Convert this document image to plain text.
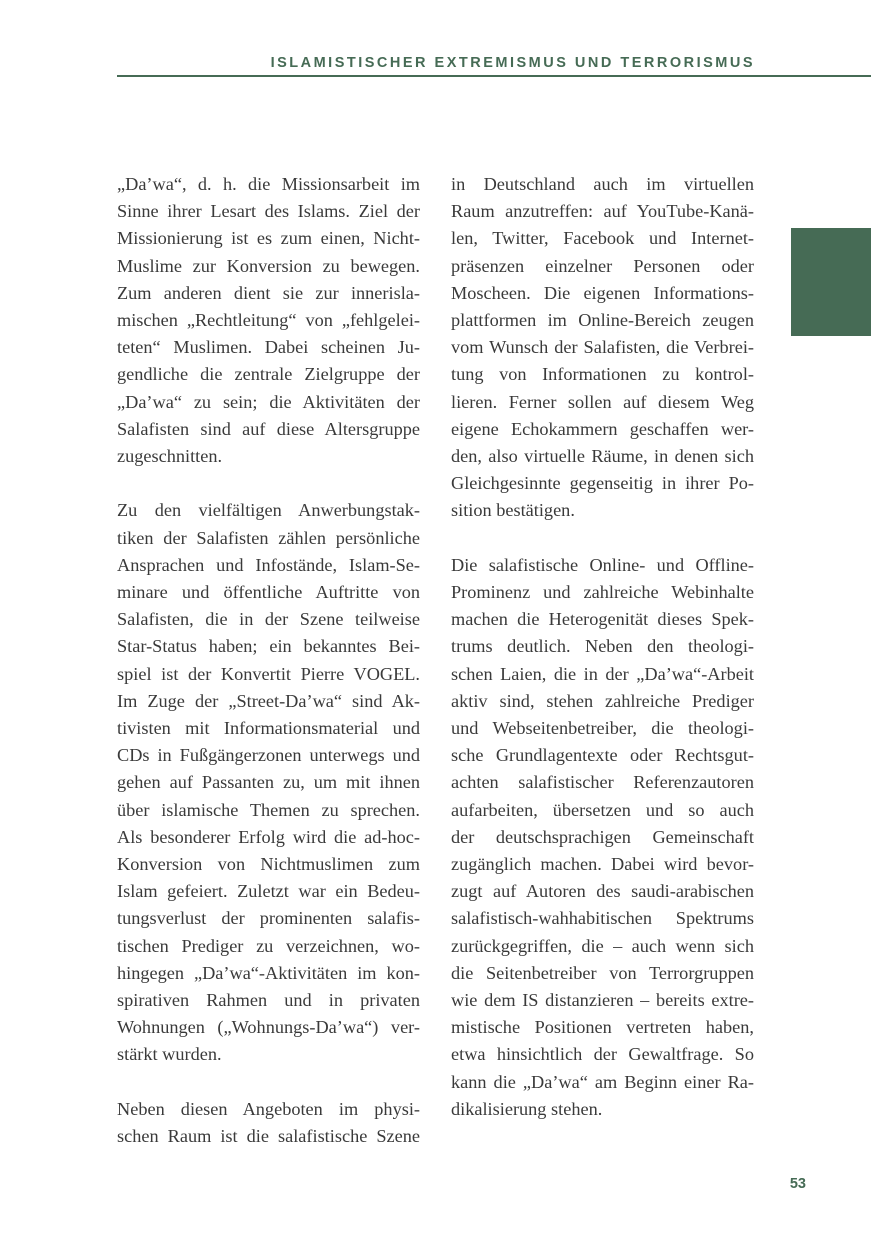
ISLAMISTISCHER EXTREMISMUS UND TERRORISMUS
„Da’wa“, d. h. die Missionsarbeit im
Sinne ihrer Lesart des Islams. Ziel der
Missionierung ist es zum einen, Nicht-
Muslime zur Konversion zu bewegen.
Zum anderen dient sie zur innerisla-
mischen „Rechtleitung“ von „fehlgelei-
teten“ Muslimen. Dabei scheinen Ju-
gendliche die zentrale Zielgruppe der
„Da’wa“ zu sein; die Aktivitäten der
Salafisten sind auf diese Altersgruppe
zugeschnitten.
Zu den vielfältigen Anwerbungstak-
tiken der Salafisten zählen persönliche
Ansprachen und Infostände, Islam-Se-
minare und öffentliche Auftritte von
Salafisten, die in der Szene teilweise
Star-Status haben; ein bekanntes Bei-
spiel ist der Konvertit Pierre VOGEL.
Im Zuge der „Street-Da’wa“ sind Ak-
tivisten mit Informationsmaterial und
CDs in Fußgängerzonen unterwegs und
gehen auf Passanten zu, um mit ihnen
über islamische Themen zu sprechen.
Als besonderer Erfolg wird die ad-hoc-
Konversion von Nichtmuslimen zum
Islam gefeiert. Zuletzt war ein Bedeu-
tungsverlust der prominenten salafis-
tischen Prediger zu verzeichnen, wo-
hingegen „Da’wa“-Aktivitäten im kon-
spirativen Rahmen und in privaten
Wohnungen („Wohnungs-Da’wa“) ver-
stärkt wurden.
Neben diesen Angeboten im physi-
schen Raum ist die salafistische Szene
in Deutschland auch im virtuellen
Raum anzutreffen: auf YouTube-Kanä-
len, Twitter, Facebook und Internet-
präsenzen einzelner Personen oder
Moscheen. Die eigenen Informations-
plattformen im Online-Bereich zeugen
vom Wunsch der Salafisten, die Verbrei-
tung von Informationen zu kontrol-
lieren. Ferner sollen auf diesem Weg
eigene Echokammern geschaffen wer-
den, also virtuelle Räume, in denen sich
Gleichgesinnte gegenseitig in ihrer Po-
sition bestätigen.
Die salafistische Online- und Offline-
Prominenz und zahlreiche Webinhalte
machen die Heterogenität dieses Spek-
trums deutlich. Neben den theologi-
schen Laien, die in der „Da’wa“-Arbeit
aktiv sind, stehen zahlreiche Prediger
und Webseitenbetreiber, die theologi-
sche Grundlagentexte oder Rechtsgut-
achten salafistischer Referenzautoren
aufarbeiten, übersetzen und so auch
der deutschsprachigen Gemeinschaft
zugänglich machen. Dabei wird bevor-
zugt auf Autoren des saudi-arabischen
salafistisch-wahhabitischen Spektrums
zurückgegriffen, die – auch wenn sich
die Seitenbetreiber von Terrorgruppen
wie dem IS distanzieren – bereits extre-
mistische Positionen vertreten haben,
etwa hinsichtlich der Gewaltfrage. So
kann die „Da’wa“ am Beginn einer Ra-
dikalisierung stehen.
53
